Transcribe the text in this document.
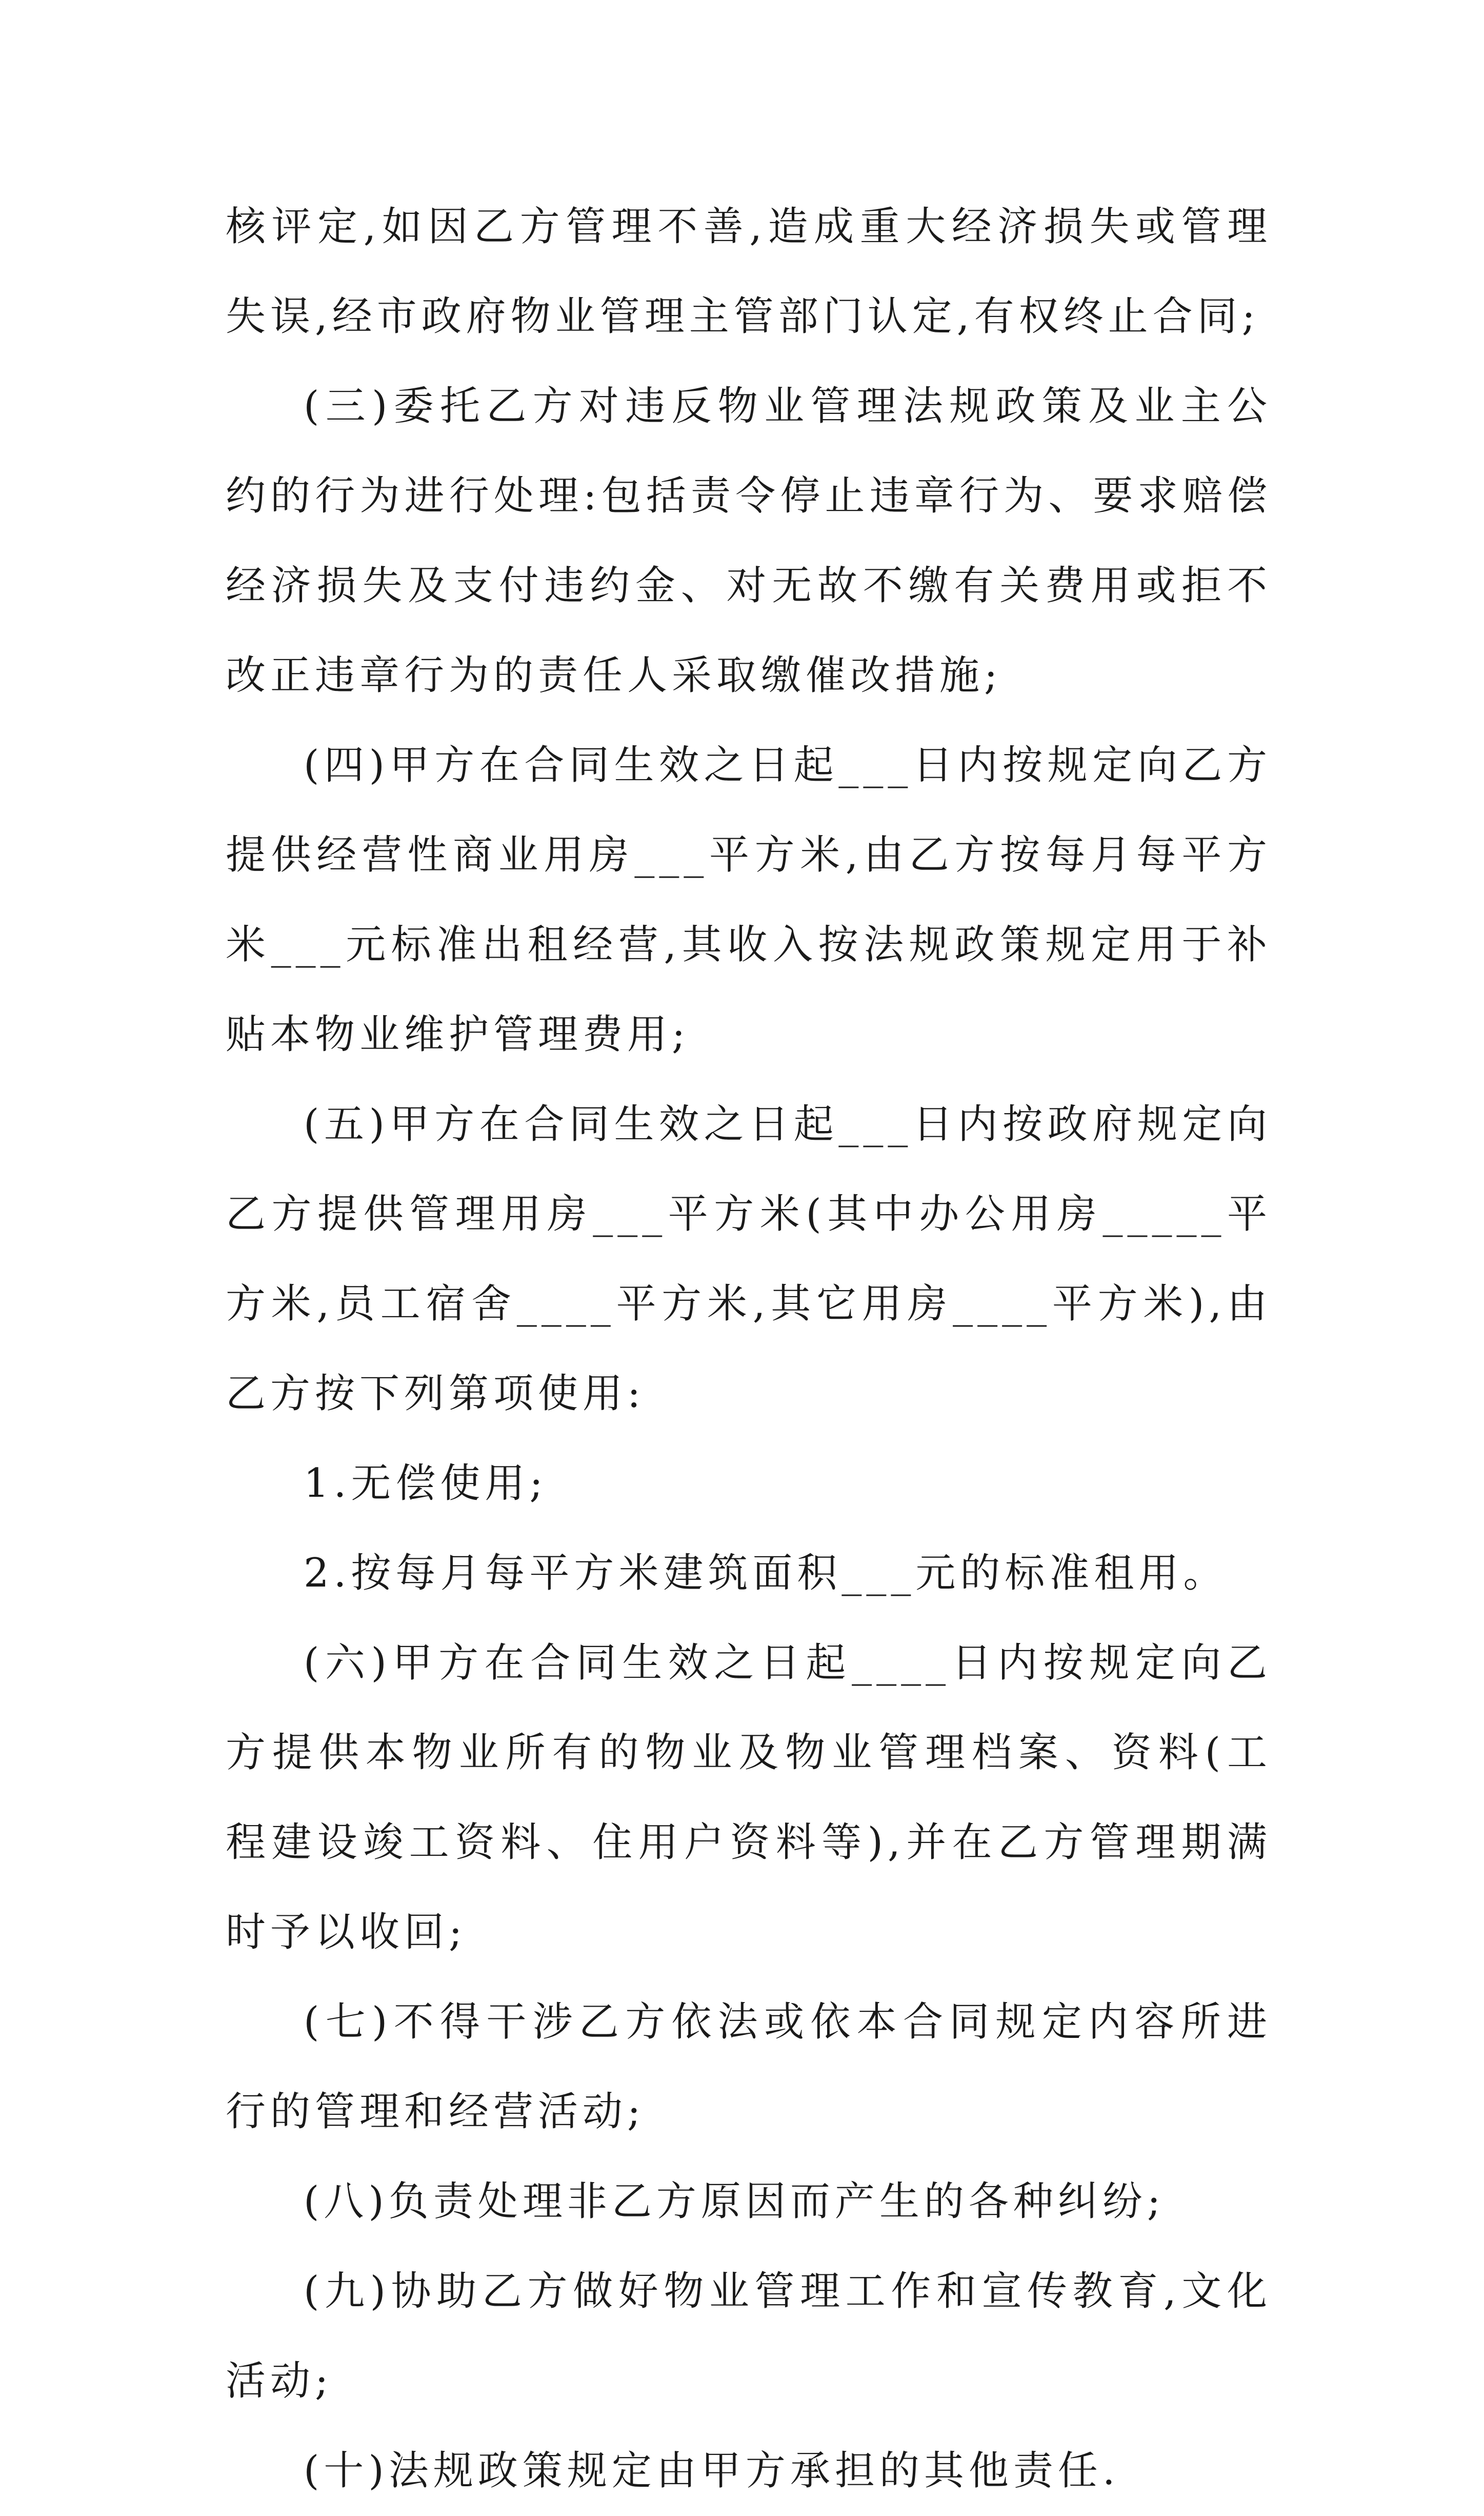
核评定,如因乙方管理不善,造成重大经济损失或管理失误,经市政府物业管理主管部门认定,有权终止合同;

(三)委托乙方对违反物业管理法规政策及业主公约的行为进行处理:包括责令停止违章行为、要求赔偿经济损失及支付违约金、对无故不缴有关费用或拒不改正违章行为的责任人采取缴催改措施;

(四)甲方在合同生效之日起___日内按规定向乙方提供经营性商业用房___平方米,由乙方按每月每平方米___元标准出租经营,其收入按法规政策规定用于补贴本物业维护管理费用;

(五)甲方在合同生效之日起___日内按政府规定向乙方提供管理用房___平方米(其中办公用房_____平方米,员工宿舍____平方米,其它用房____平方米),由乙方按下列第项使用:

1.无偿使用;

2.按每月每平方米建筑面积___元的标准租用。

(六)甲方在合同生效之日起____日内按规定向乙方提供本物业所有的物业及物业管理档案、资料(工程建设竣工资料、住用户资料等),并在乙方管理期满时予以收回;

(七)不得干涉乙方依法或依本合同规定内容所进行的管理和经营活动;

(八)负责处理非乙方原因而产生的各种纠纷;

(九)协助乙方做好物业管理工作和宣传教育,文化活动;

(十)法规政策规定由甲方承担的其他责任.
